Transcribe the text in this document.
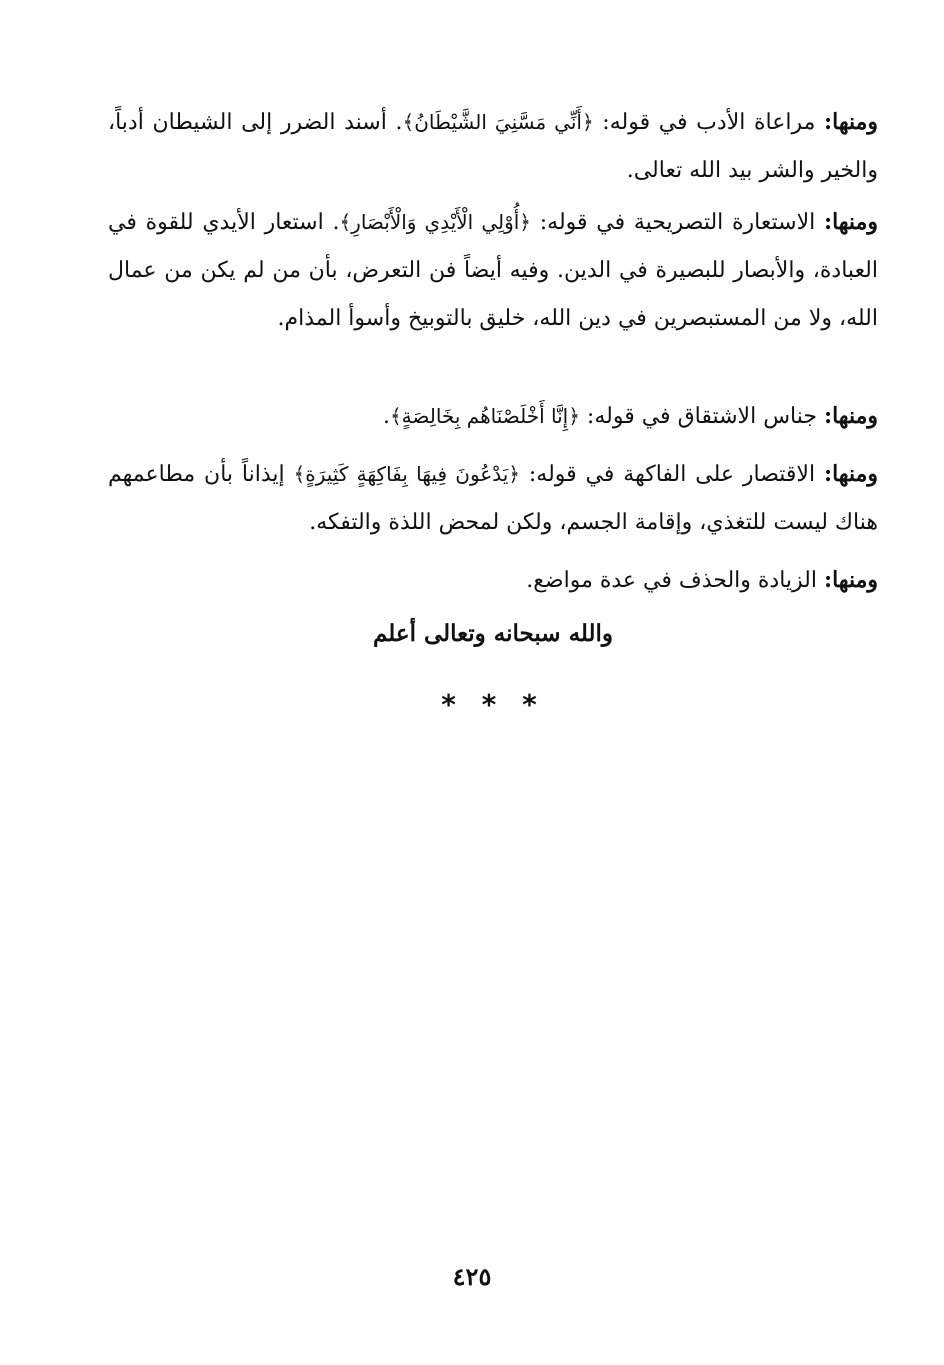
ومنها: مراعاة الأدب في قوله: ﴿أَنِّي مَسَّنِيَ الشَّيْطَانُ﴾. أسند الضرر إلى الشيطان أدباً، والخير والشر بيد الله تعالى.

ومنها: الاستعارة التصريحية في قوله: ﴿أُوْلِي الْأَيْدِي وَالْأَبْصَارِ﴾. استعار الأيدي للقوة في العبادة، والأبصار للبصيرة في الدين. وفيه أيضاً فن التعرض، بأن من لم يكن من عمال الله، ولا من المستبصرين في دين الله، خليق بالتوبيخ وأسوأ المذام.

ومنها: جناس الاشتقاق في قوله: ﴿إِنَّا أَخْلَصْنَاهُم بِخَالِصَةٍ﴾.

ومنها: الاقتصار على الفاكهة في قوله: ﴿يَدْعُونَ فِيهَا بِفَاكِهَةٍ كَثِيرَةٍ﴾ إيذاناً بأن مطاعمهم هناك ليست للتغذي، وإقامة الجسم، ولكن لمحض اللذة والتفكه.

ومنها: الزيادة والحذف في عدة مواضع.

والله سبحانه وتعالى أعلم
* * *
٤٢٥
